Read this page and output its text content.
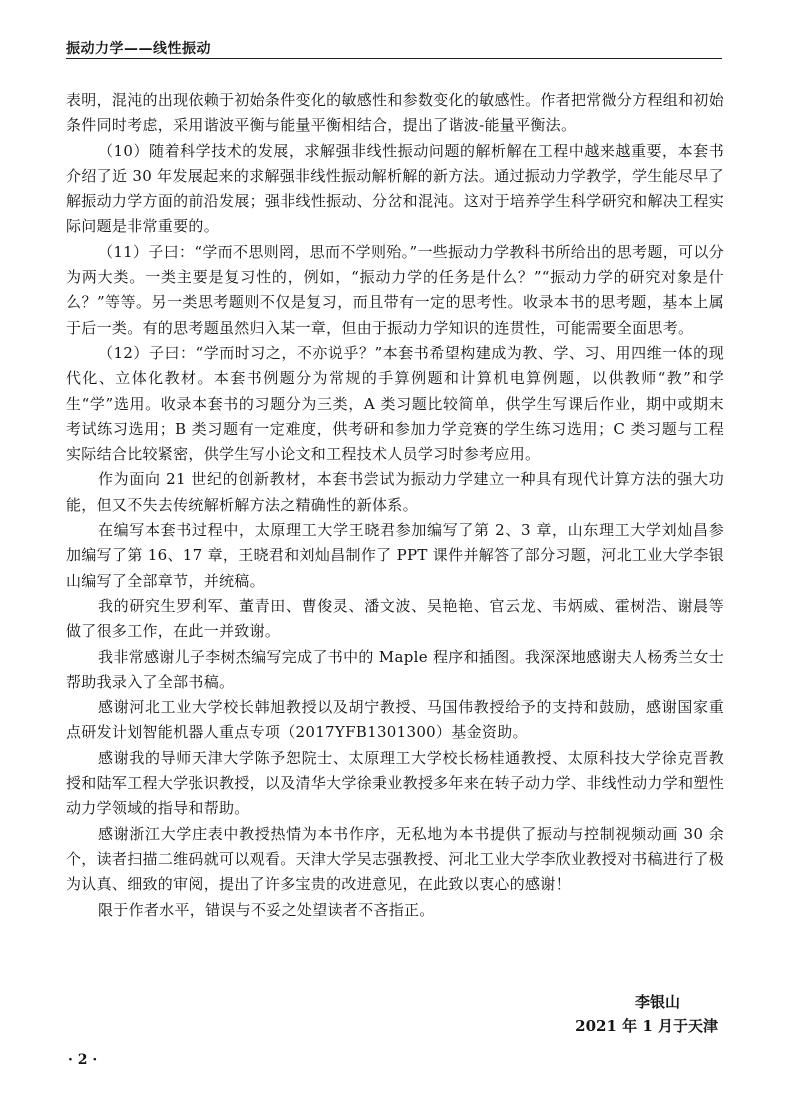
振动力学——线性振动

表明，混沌的出现依赖于初始条件变化的敏感性和参数变化的敏感性。作者把常微分方程组和初始条件同时考虑，采用谐波平衡与能量平衡相结合，提出了谐波-能量平衡法。

（10）随着科学技术的发展，求解强非线性振动问题的解析解在工程中越来越重要，本套书介绍了近 30 年发展起来的求解强非线性振动解析解的新方法。通过振动力学教学，学生能尽早了解振动力学方面的前沿发展；强非线性振动、分岔和混沌。这对于培养学生科学研究和解决工程实际问题是非常重要的。

（11）子曰：“学而不思则罔，思而不学则殆。”一些振动力学教科书所给出的思考题，可以分为两大类。一类主要是复习性的，例如，“振动力学的任务是什么？”“振动力学的研究对象是什么？”等等。另一类思考题则不仅是复习，而且带有一定的思考性。收录本书的思考题，基本上属于后一类。有的思考题虽然归入某一章，但由于振动力学知识的连贯性，可能需要全面思考。

（12）子曰：“学而时习之，不亦说乎？”本套书希望构建成为教、学、习、用四维一体的现代化、立体化教材。本套书例题分为常规的手算例题和计算机电算例题，以供教师“教”和学生“学”选用。收录本套书的习题分为三类，A 类习题比较简单，供学生写课后作业，期中或期末考试练习选用；B 类习题有一定难度，供考研和参加力学竞赛的学生练习选用；C 类习题与工程实际结合比较紧密，供学生写小论文和工程技术人员学习时参考应用。

作为面向 21 世纪的创新教材，本套书尝试为振动力学建立一种具有现代计算方法的强大功能，但又不失去传统解析解方法之精确性的新体系。

在编写本套书过程中，太原理工大学王晓君参加编写了第 2、3 章，山东理工大学刘灿昌参加编写了第 16、17 章，王晓君和刘灿昌制作了 PPT 课件并解答了部分习题，河北工业大学李银山编写了全部章节，并统稿。

我的研究生罗利军、董青田、曹俊灵、潘文波、吴艳艳、官云龙、韦炳威、霍树浩、谢晨等做了很多工作，在此一并致谢。

我非常感谢儿子李树杰编写完成了书中的 Maple 程序和插图。我深深地感谢夫人杨秀兰女士帮助我录入了全部书稿。

感谢河北工业大学校长韩旭教授以及胡宁教授、马国伟教授给予的支持和鼓励，感谢国家重点研发计划智能机器人重点专项（2017YFB1301300）基金资助。

感谢我的导师天津大学陈予恕院士、太原理工大学校长杨桂通教授、太原科技大学徐克晋教授和陆军工程大学张识教授，以及清华大学徐秉业教授多年来在转子动力学、非线性动力学和塑性动力学领域的指导和帮助。

感谢浙江大学庄表中教授热情为本书作序，无私地为本书提供了振动与控制视频动画 30 余个，读者扫描二维码就可以观看。天津大学吴志强教授、河北工业大学李欣业教授对书稿进行了极为认真、细致的审阅，提出了许多宝贵的改进意见，在此致以衷心的感谢！

限于作者水平，错误与不妥之处望读者不吝指正。

李银山
2021 年 1 月于天津
· 2 ·
